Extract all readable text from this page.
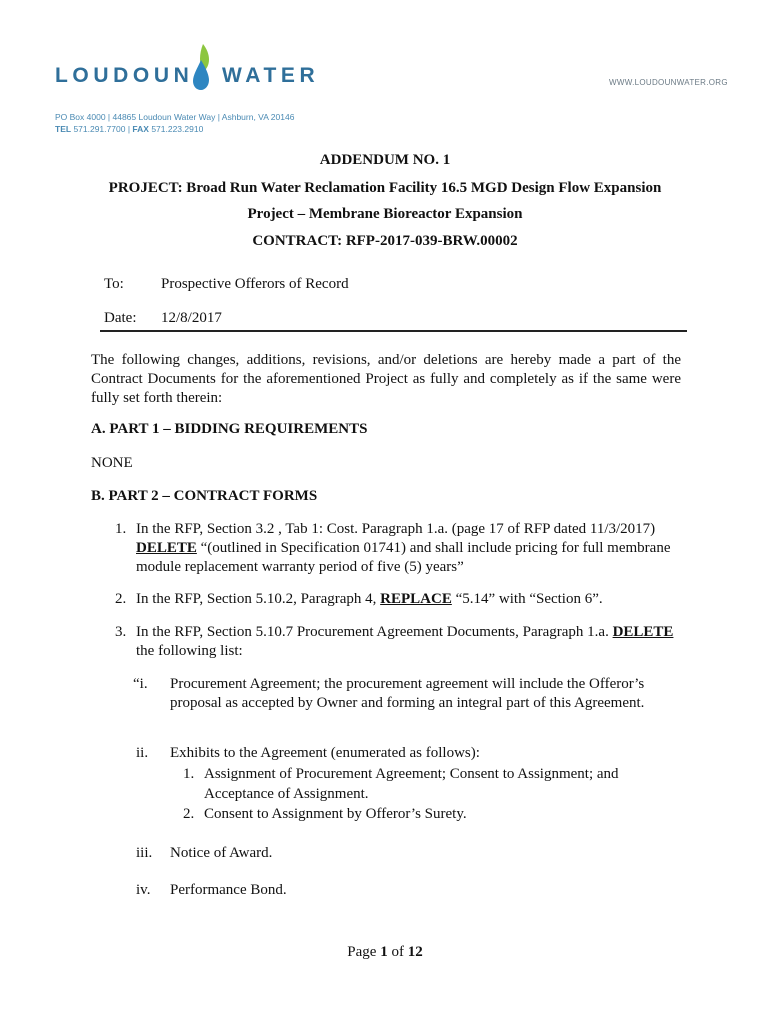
LOUDOUN WATER	WWW.LOUDOUNWATER.ORG
PO Box 4000 | 44865 Loudoun Water Way | Ashburn, VA 20146
TEL 571.291.7700 | FAX 571.223.2910
ADDENDUM NO. 1
PROJECT: Broad Run Water Reclamation Facility 16.5 MGD Design Flow Expansion
Project – Membrane Bioreactor Expansion
CONTRACT: RFP-2017-039-BRW.00002
To: Prospective Offerors of Record
Date: 12/8/2017
The following changes, additions, revisions, and/or deletions are hereby made a part of the
Contract Documents for the aforementioned Project as fully and completely as if the same were
fully set forth therein:
A. PART 1 – BIDDING REQUIREMENTS
NONE
B. PART 2 – CONTRACT FORMS
1. In the RFP, Section 3.2 , Tab 1: Cost. Paragraph 1.a. (page 17 of RFP dated 11/3/2017)
DELETE “(outlined in Specification 01741) and shall include pricing for full membrane
module replacement warranty period of five (5) years”
2. In the RFP, Section 5.10.2, Paragraph 4, REPLACE “5.14” with “Section 6”.
3. In the RFP, Section 5.10.7 Procurement Agreement Documents, Paragraph 1.a. DELETE
the following list:
“i. Procurement Agreement; the procurement agreement will include the Offeror’s
proposal as accepted by Owner and forming an integral part of this Agreement.
ii. Exhibits to the Agreement (enumerated as follows):
1. Assignment of Procurement Agreement; Consent to Assignment; and
Acceptance of Assignment.
2. Consent to Assignment by Offeror’s Surety.
iii. Notice of Award.
iv. Performance Bond.
Page 1 of 12
